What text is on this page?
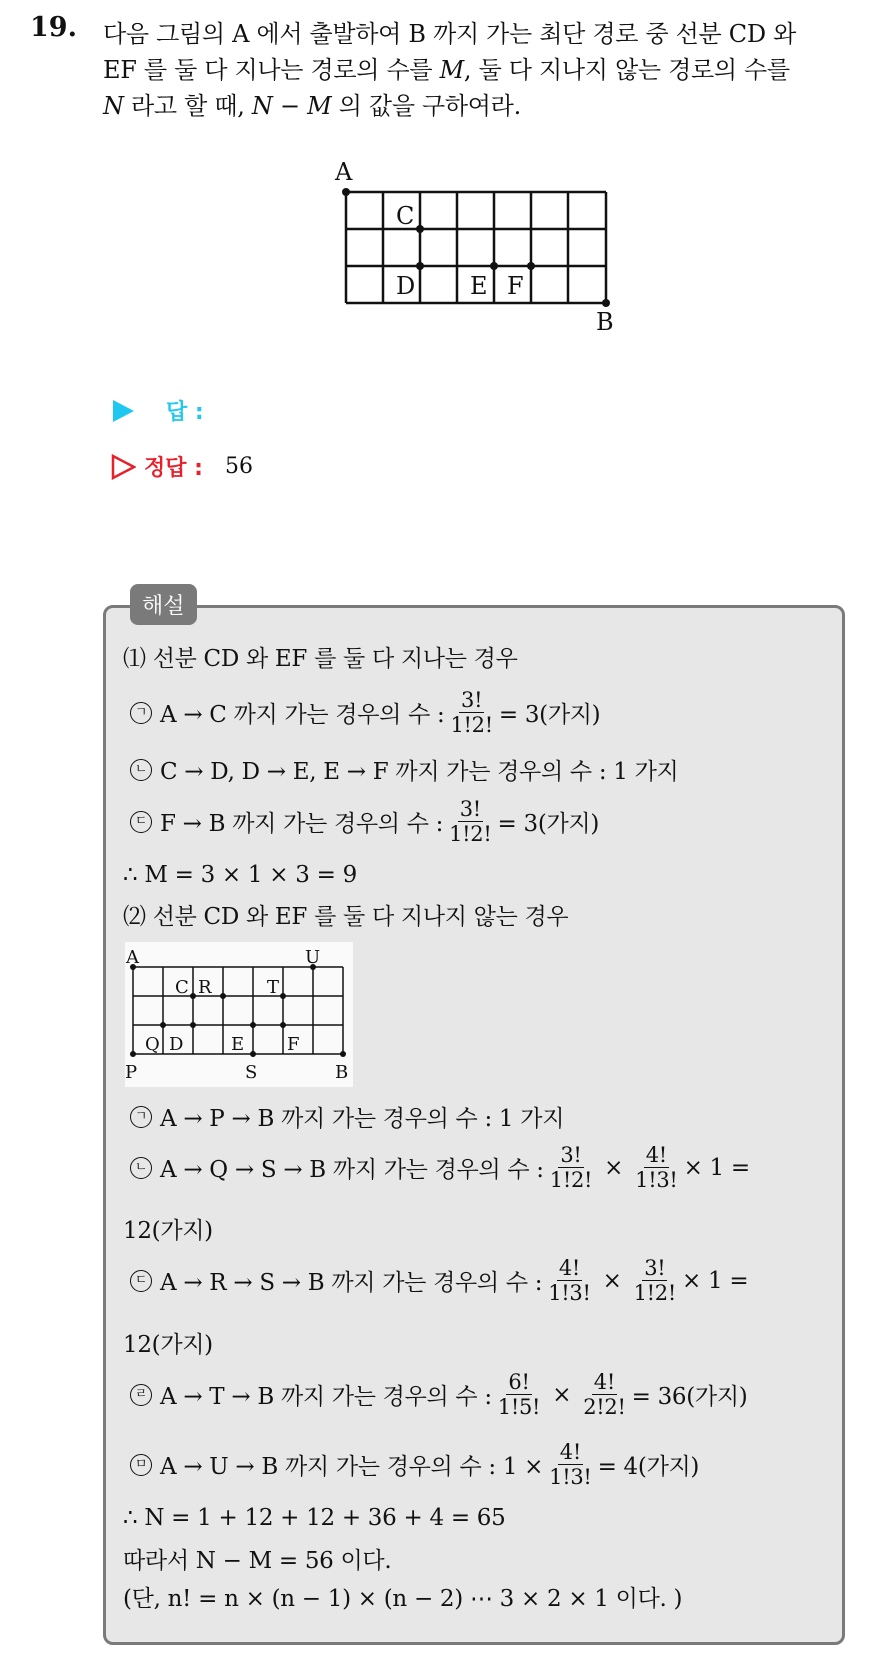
19. 다음 그림의 A 에서 출발하여 B 까지 가는 최단 경로 중 선분 CD 와
EF 를 둘 다 지나는 경로의 수를 M, 둘 다 지나지 않는 경로의 수를
N 라고 할 때, N − M 의 값을 구하여라.
A
C
D E F
B
답 :
정답 : 56
해설
⑴ 선분 CD 와 EF 를 둘 다 지나는 경우
ㄱ A → C 까지 가는 경우의 수 : $\frac{3!}{1!2!} = 3$(가지)
ㄴ C → D, D → E, E → F 까지 가는 경우의 수 : 1 가지
ㄷ F → B 까지 가는 경우의 수 : $\frac{3!}{1!2!} = 3$(가지)
∴ M = 3 × 1 × 3 = 9
⑵ 선분 CD 와 EF 를 둘 다 지나지 않는 경우
A	U
C R	T
Q D	E F
P	S	B
ㄱ A → P → B 까지 가는 경우의 수 : 1 가지
ㄴ A → Q → S → B 까지 가는 경우의 수 : $\frac{3!}{1!2!} \times \frac{4!}{1!3!} \times 1$ =
12(가지)
ㄷ A → R → S → B 까지 가는 경우의 수 : $\frac{4!}{1!3!} \times \frac{3!}{1!2!} \times 1$ =
12(가지)
ㄹ A → T → B 까지 가는 경우의 수 : $\frac{6!}{1!5!} \times \frac{4!}{2!2!} = 36$(가지)
ㅁ A → U → B 까지 가는 경우의 수 : $1 \times \frac{4!}{1!3!} = 4$(가지)
∴ N = 1 + 12 + 12 + 36 + 4 = 65
따라서 N − M = 56 이다.
(단, n! = n × (n − 1) × (n − 2) ⋯ 3 × 2 × 1 이다. )
